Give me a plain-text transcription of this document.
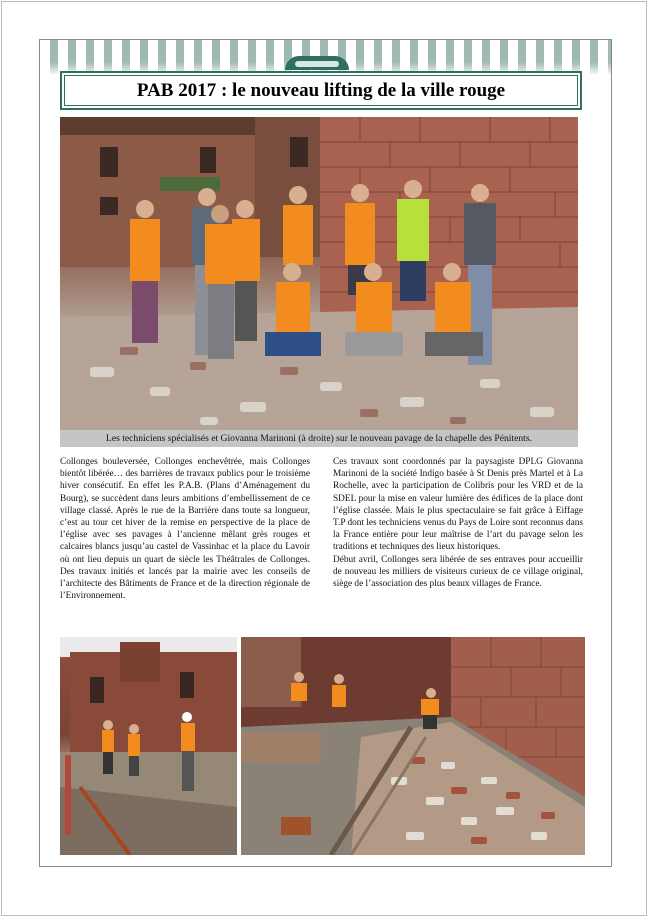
PAB 2017 : le nouveau lifting de la ville rouge
Les techniciens spécialisés et Giovanna Marinoni (à droite) sur le nouveau pavage de la chapelle des Pénitents.

Collonges bouleversée, Collonges enchevêtrée, mais Collonges bientôt libérée… des barrières de travaux publics pour le troisième hiver consécutif. En effet les P.A.B. (Plans d’Aménagement du Bourg), se succèdent dans leurs ambitions d’embellissement de ce village classé. Après le rue de la Barrière dans toute sa longueur, c’est au tour cet hiver de la remise en perspective de la place de l’église avec ses pavages à l’ancienne mêlant grès rouges et calcaires blancs jusqu’au castel de Vassinhac et la place du Lavoir où ont lieu depuis un quart de siècle les Théâtrales de Collonges. Des travaux initiés et lancés par la mairie avec les conseils de l’architecte des Bâtiments de France et de la direction régionale de l’Environnement.

Ces travaux sont coordonnés par la paysagiste DPLG Giovanna Marinoni de la société Indigo basée à St Denis près Martel et à La Rochelle, avec la participation de Colibris pour les VRD et de la SDEL pour la mise en valeur lumière des édifices de la place dont l’église classée. Mais le plus spectaculaire se fait grâce à Eiffage T.P dont les techniciens venus du Pays de Loire sont reconnus dans la France entière pour leur maîtrise de l’art du pavage selon les traditions et techniques des lieux historiques.

Début avril, Collonges sera libérée de ses entraves pour accueillir de nouveau les milliers de visiteurs curieux de ce village original, siège de l’association des plus beaux villages de France.
